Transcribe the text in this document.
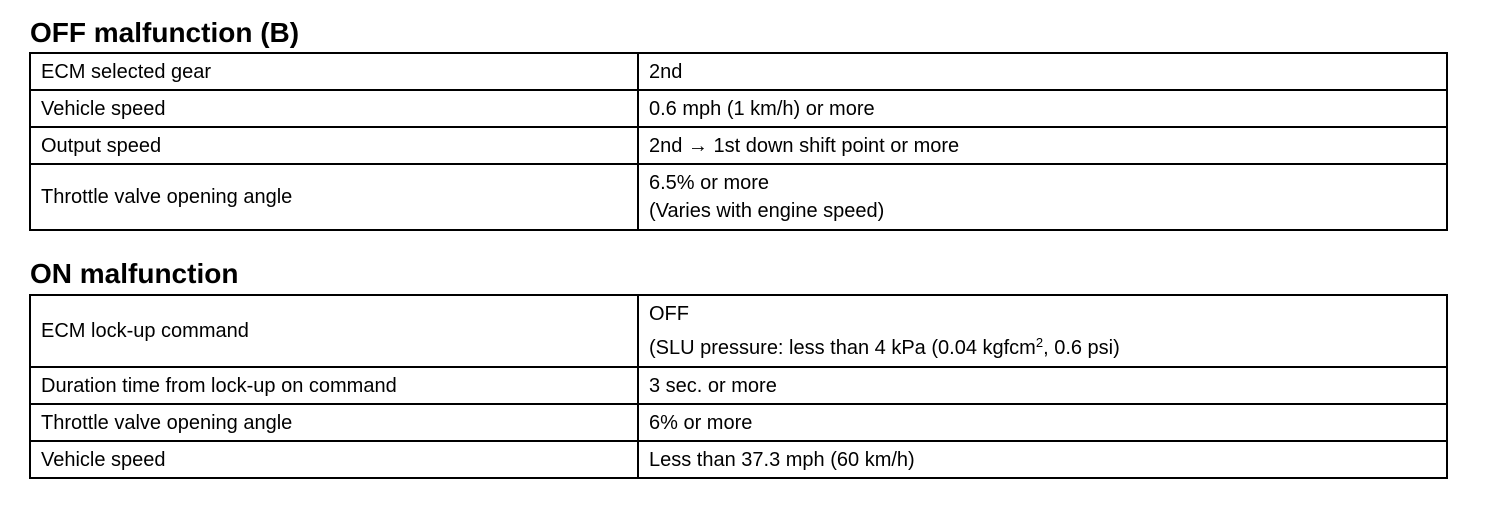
OFF malfunction (B)
ECM selected gear	2nd
Vehicle speed	0.6 mph (1 km/h) or more
Output speed	2nd → 1st down shift point or more
Throttle valve opening angle	6.5% or more
(Varies with engine speed)
ON malfunction
ECM lock-up command	OFF
(SLU pressure: less than 4 kPa (0.04 kgfcm$^2$, 0.6 psi)

Duration time from lock-up on command	3 sec. or more
Throttle valve opening angle	6% or more
Vehicle speed	Less than 37.3 mph (60 km/h)
